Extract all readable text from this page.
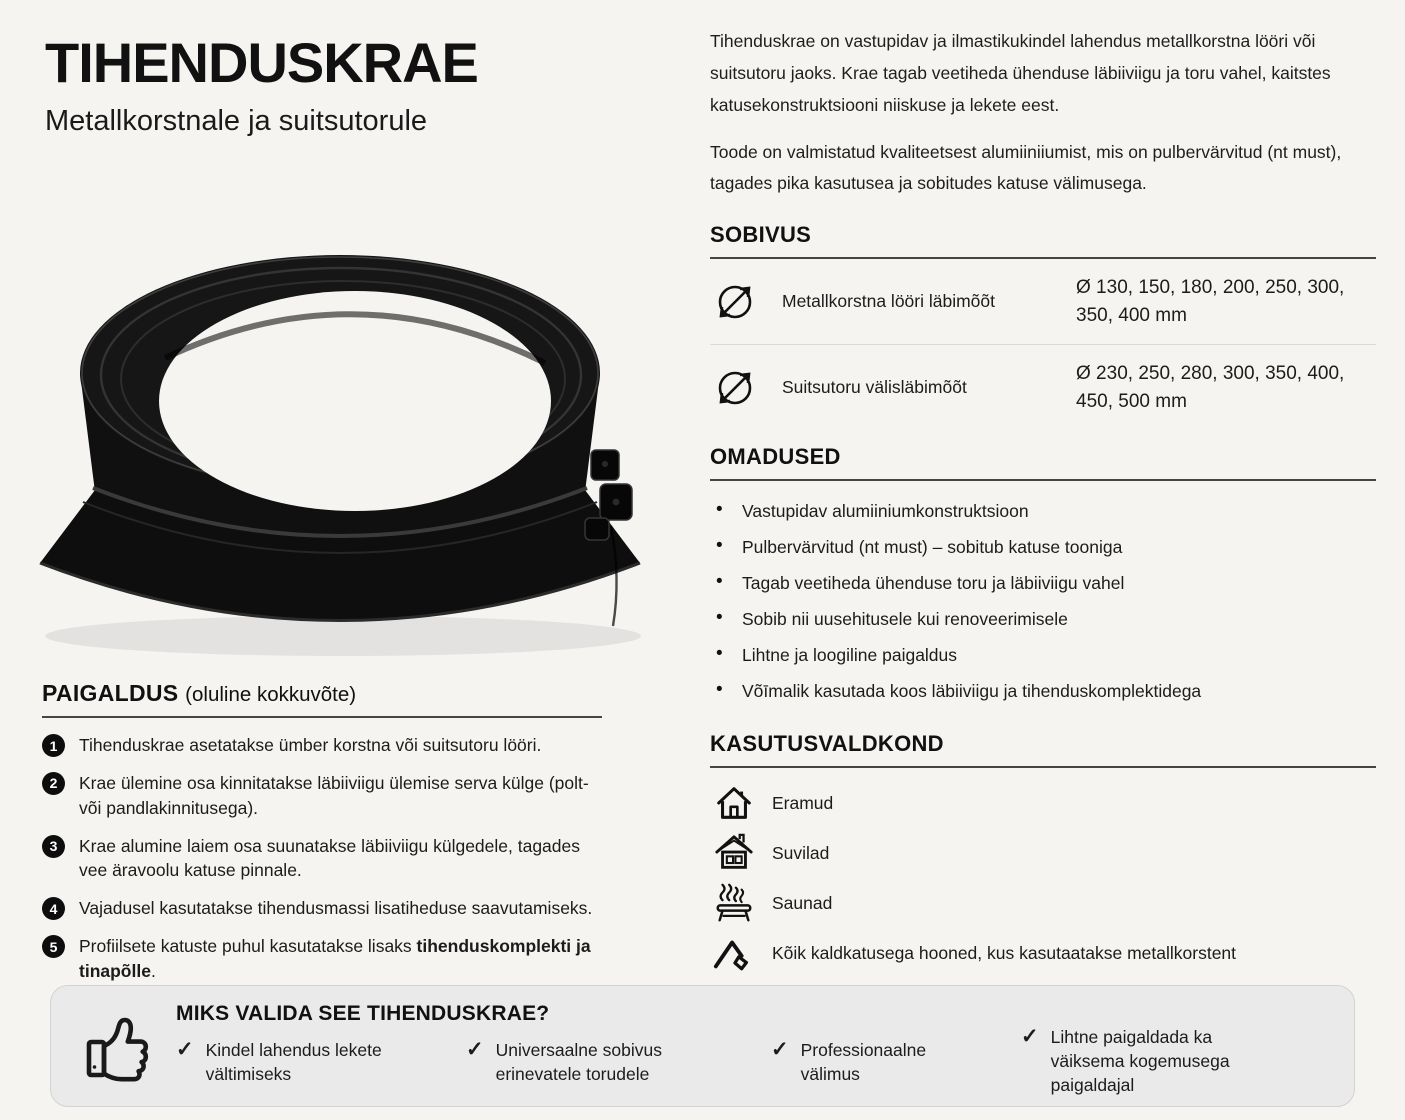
TIHENDUSKRAE
Metallkorstnale ja suitsutorule
PAIGALDUS (oluline kokkuvõte)
1	Tihenduskrae asetatakse ümber korstna või suitsutoru lööri.
2	Krae ülemine osa kinnitatakse läbiiviigu ülemise serva külge (polt- või pandlakinnitusega).
3	Krae alumine laiem osa suunatakse läbiiviigu külgedele, tagades vee äravoolu katuse pinnale.
4	Vajadusel kasutatakse tihendusmassi lisatiheduse saavutamiseks.
5	Profiilsete katuste puhul kasutatakse lisaks tihenduskomplekti ja tinapõlle.

Tihenduskrae on vastupidav ja ilmastikukindel lahendus metallkorstna lööri või suitsutoru jaoks. Krae tagab veetiheda ühenduse läbiiviigu ja toru vahel, kaitstes katusekonstruktsiooni niiskuse ja lekete eest.

Toode on valmistatud kvaliteetsest alumiiniiumist, mis on pulbervärvitud (nt must), tagades pika kasutusea ja sobitudes katuse välimusega.

SOBIVUS
Metallkorstna lööri läbimõõt
Ø 130, 150, 180, 200, 250, 300, 350, 400 mm
Suitsutoru välisläbimõõt
Ø 230, 250, 280, 300, 350, 400, 450, 500 mm
OMADUSED
• Vastupidav alumiiniumkonstruktsioon
• Pulbervärvitud (nt must) – sobitub katuse tooniga
• Tagab veetiheda ühenduse toru ja läbiiviigu vahel
• Sobib nii uusehitusele kui renoveerimisele
• Lihtne ja loogiline paigaldus
• Võīmalik kasutada koos läbiiviigu ja tihenduskomplektidega
KASUTUSVALDKOND
Eramud
Suvilad
Saunad
Kõik kaldkatusega hooned, kus kasutaatakse metallkorstent
MIKS VALIDA SEE TIHENDUSKRAE?
✓ Kindel lahendus lekete vältimiseks
✓ Universaalne sobivus erinevatele torudele
✓ Professionaalne välimus
✓ Lihtne paigaldada ka väiksema kogemusega paigaldajal
